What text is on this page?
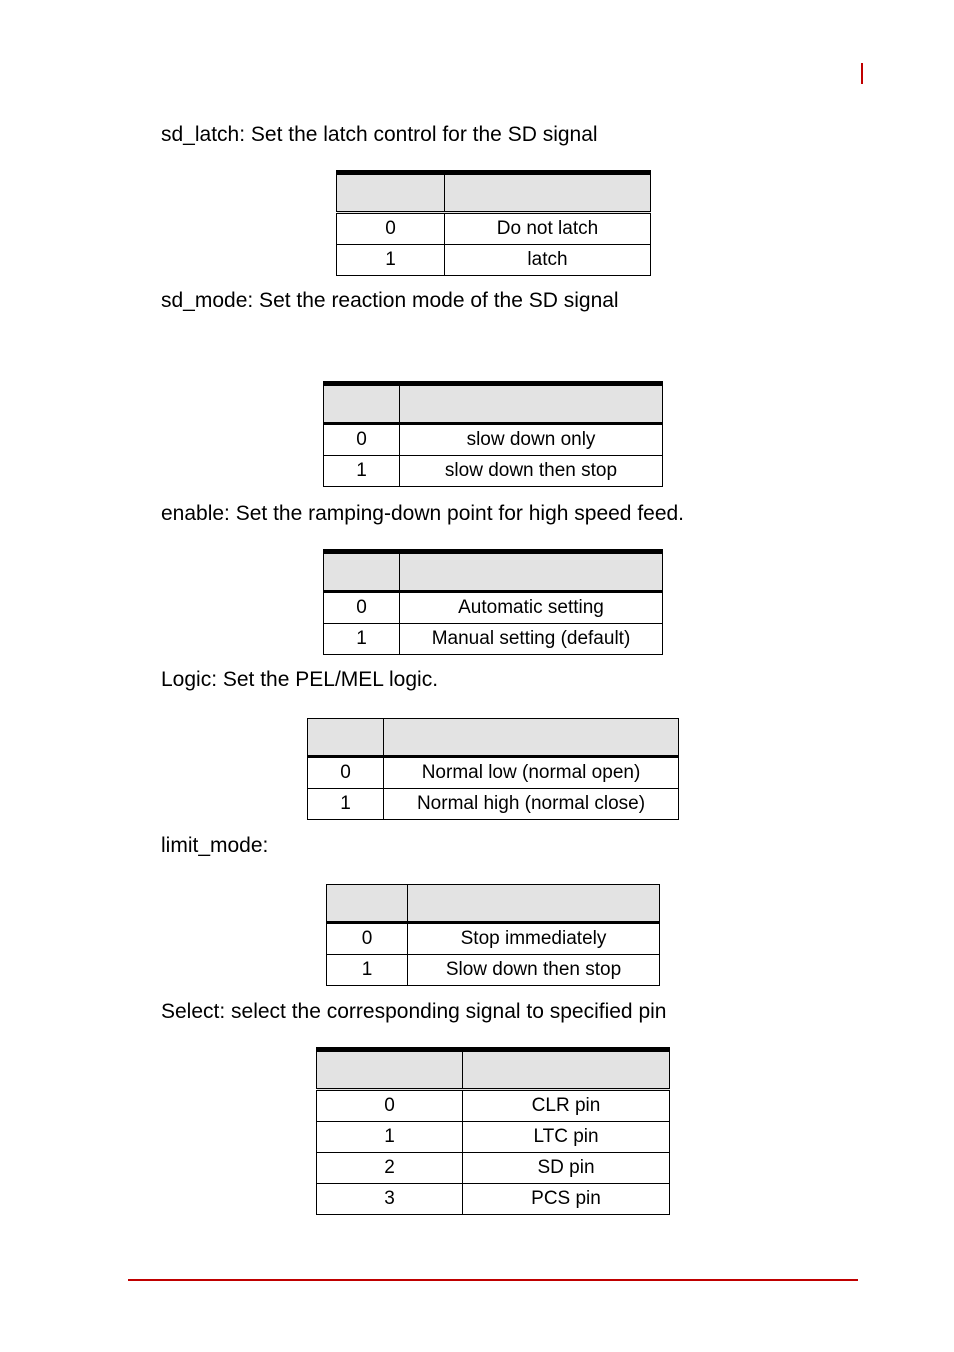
sd_latch: Set the latch control for the SD signal

0	Do not latch
1	latch

sd_mode: Set the reaction mode of the SD signal

0	slow down only
1	slow down then stop

enable: Set the ramping-down point for high speed feed.

0	Automatic setting
1	Manual setting (default)

Logic: Set the PEL/MEL logic.

0	Normal low (normal open)
1	Normal high (normal close)

limit_mode:

0	Stop immediately
1	Slow down then stop

Select: select the corresponding signal to specified pin

0	CLR pin
1	LTC pin
2	SD pin
3	PCS pin
